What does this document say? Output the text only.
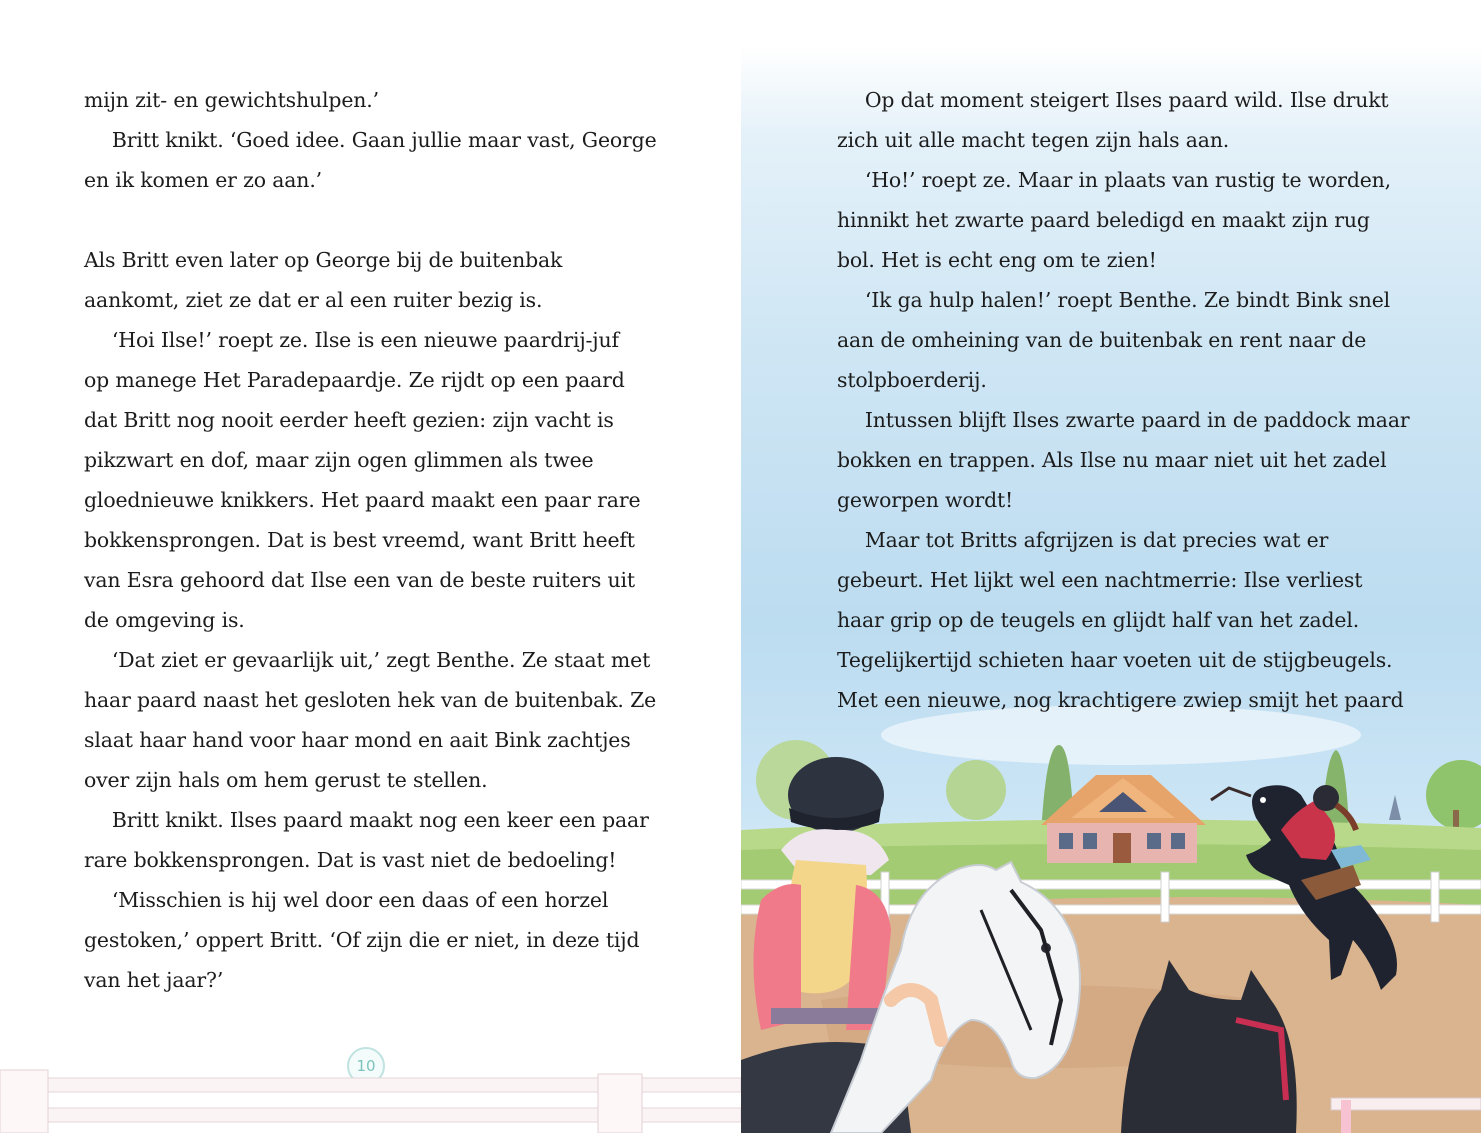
mijn zit- en gewichtshulpen.’
Britt knikt. ‘Goed idee. Gaan jullie maar vast, George
en ik komen er zo aan.’
Als Britt even later op George bij de buitenbak
aankomt, ziet ze dat er al een ruiter bezig is.
‘Hoi Ilse!’ roept ze. Ilse is een nieuwe paardrij-juf
op manege Het Paradepaardje. Ze rijdt op een paard
dat Britt nog nooit eerder heeft gezien: zijn vacht is
pikzwart en dof, maar zijn ogen glimmen als twee
gloednieuwe knikkers. Het paard maakt een paar rare
bokkensprongen. Dat is best vreemd, want Britt heeft
van Esra gehoord dat Ilse een van de beste ruiters uit
de omgeving is.
‘Dat ziet er gevaarlijk uit,’ zegt Benthe. Ze staat met
haar paard naast het gesloten hek van de buitenbak. Ze
slaat haar hand voor haar mond en aait Bink zachtjes
over zijn hals om hem gerust te stellen.
Britt knikt. Ilses paard maakt nog een keer een paar
rare bokkensprongen. Dat is vast niet de bedoeling!
‘Misschien is hij wel door een daas of een horzel
gestoken,’ oppert Britt. ‘Of zijn die er niet, in deze tijd
van het jaar?’
10
Op dat moment steigert Ilses paard wild. Ilse drukt
zich uit alle macht tegen zijn hals aan.
‘Ho!’ roept ze. Maar in plaats van rustig te worden,
hinnikt het zwarte paard beledigd en maakt zijn rug
bol. Het is echt eng om te zien!
‘Ik ga hulp halen!’ roept Benthe. Ze bindt Bink snel
aan de omheining van de buitenbak en rent naar de
stolpboerderij.
Intussen blijft Ilses zwarte paard in de paddock maar
bokken en trappen. Als Ilse nu maar niet uit het zadel
geworpen wordt!
Maar tot Britts afgrijzen is dat precies wat er
gebeurt. Het lijkt wel een nachtmerrie: Ilse verliest
haar grip op de teugels en glijdt half van het zadel.
Tegelijkertijd schieten haar voeten uit de stijgbeugels.
Met een nieuwe, nog krachtigere zwiep smijt het paard
